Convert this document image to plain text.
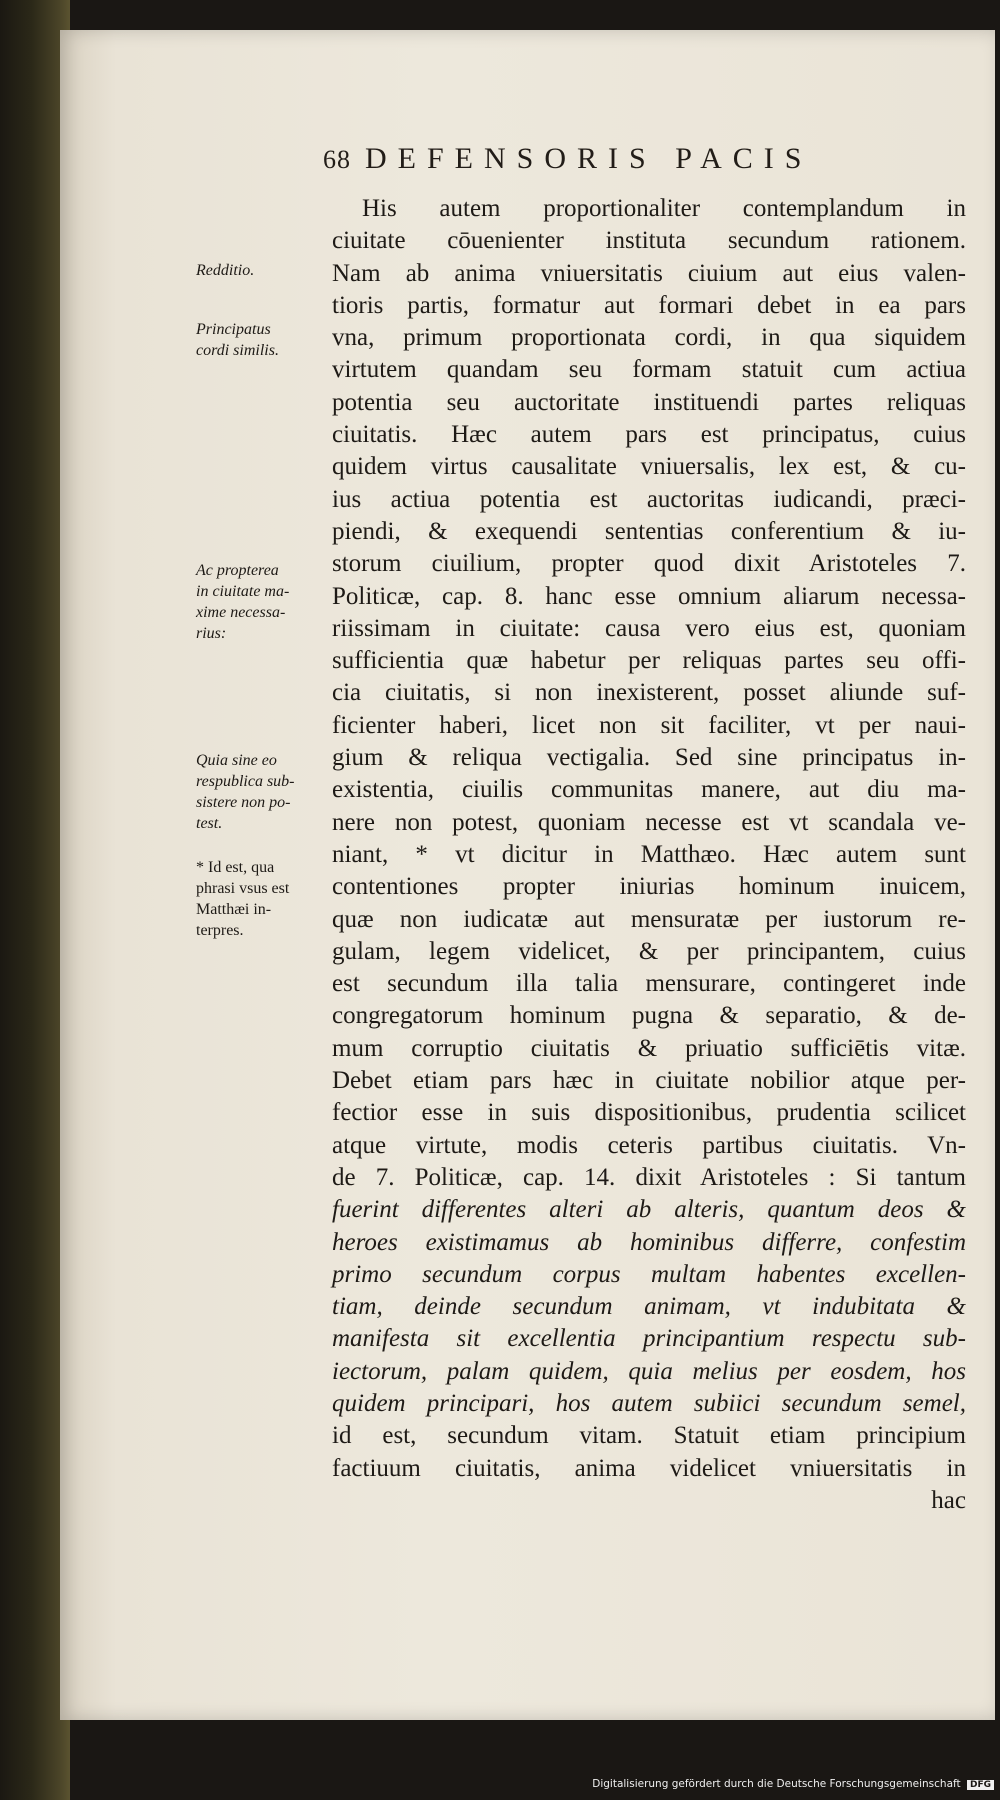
68 DEFENSORIS PACIS
Redditio.
Principatus
cordi similis.
Ac propterea
in ciuitate ma-
xime necessa-
rius:
Quia sine eo
respublica sub-
sistere non po-
test.
* Id est, qua
phrasi vsus est
Matthæi in-
terpres.
His autem proportionaliter contemplandum in
ciuitate cōuenienter instituta secundum rationem.
Nam ab anima vniuersitatis ciuium aut eius valen-
tioris partis, formatur aut formari debet in ea pars
vna, primum proportionata cordi, in qua siquidem
virtutem quandam seu formam statuit cum actiua
potentia seu auctoritate instituendi partes reliquas
ciuitatis. Hæc autem pars est principatus, cuius
quidem virtus causalitate vniuersalis, lex est, & cu-
ius actiua potentia est auctoritas iudicandi, præci-
piendi, & exequendi sententias conferentium & iu-
storum ciuilium, propter quod dixit Aristoteles 7.
Politicæ, cap. 8. hanc esse omnium aliarum necessa-
riissimam in ciuitate: causa vero eius est, quoniam
sufficientia quæ habetur per reliquas partes seu offi-
cia ciuitatis, si non inexisterent, posset aliunde suf-
ficienter haberi, licet non sit faciliter, vt per naui-
gium & reliqua vectigalia. Sed sine principatus in-
existentia, ciuilis communitas manere, aut diu ma-
nere non potest, quoniam necesse est vt scandala ve-
niant, * vt dicitur in Matthæo. Hæc autem sunt
contentiones propter iniurias hominum inuicem,
quæ non iudicatæ aut mensuratæ per iustorum re-
gulam, legem videlicet, & per principantem, cuius
est secundum illa talia mensurare, contingeret inde
congregatorum hominum pugna & separatio, & de-
mum corruptio ciuitatis & priuatio sufficiētis vitæ.
Debet etiam pars hæc in ciuitate nobilior atque per-
fectior esse in suis dispositionibus, prudentia scilicet
atque virtute, modis ceteris partibus ciuitatis. Vn-
de 7. Politicæ, cap. 14. dixit Aristoteles : Si tantum
fuerint differentes alteri ab alteris, quantum deos &
heroes existimamus ab hominibus differre, confestim
primo secundum corpus multam habentes excellen-
tiam, deinde secundum animam, vt indubitata &
manifesta sit excellentia principantium respectu sub-
iectorum, palam quidem, quia melius per eosdem, hos
quidem principari, hos autem subiici secundum semel,
id est, secundum vitam. Statuit etiam principium
factiuum ciuitatis, anima videlicet vniuersitatis in
hac
Digitalisierung gefördert durch die Deutsche Forschungsgemeinschaft DFG
